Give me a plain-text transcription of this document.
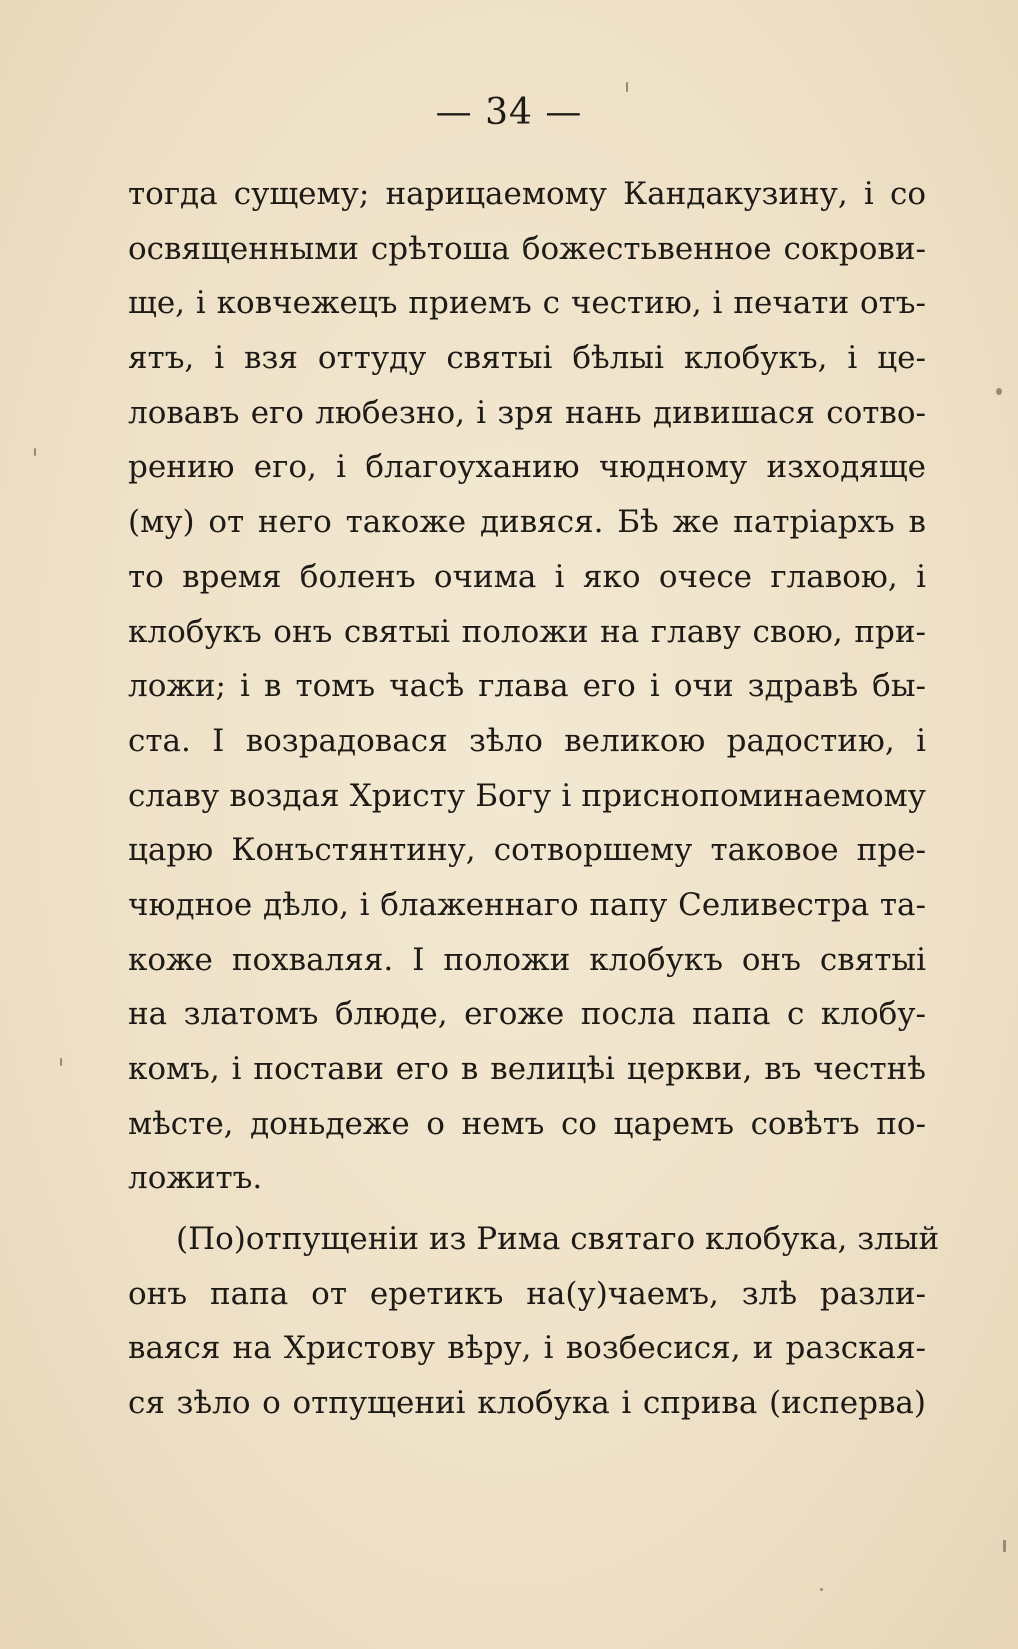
— 34 —
тогда сущему; нарицаемому Кандакузину, і со
освященными срѣтоша божестьвенное сокрови-
ще, і ковчежецъ приемъ с честию, і печати отъ-
ятъ, і взя оттуду святыі бѣлыі клобукъ, і це-
ловавъ его любезно, і зря нань дивишася сотво-
рению его, і благоуханию чюдному изходяще
(му) от него такоже дивяся. Бѣ же патріархъ в
то время боленъ очима і яко очесе главою, і
клобукъ онъ святыі положи на главу свою, при-
ложи; і в томъ часѣ глава его і очи здравѣ бы-
ста. І возрадовася зѣло великою радостию, і
славу воздая Христу Богу і приснопоминаемому
царю Конъстянтину, сотворшему таковое пре-
чюдное дѣло, і блаженнаго папу Селивестра та-
коже похваляя. І положи клобукъ онъ святыі
на златомъ блюде, егоже посла папа с клобу-
комъ, і постави его в велицѣі церкви, въ честнѣ
мѣсте, доньдеже о немъ со царемъ совѣтъ по-
ложитъ.
(По)отпущеніи из Рима святаго клобука, злый
онъ папа от еретикъ на(у)чаемъ, злѣ разли-
ваяся на Христову вѣру, і возбесися, и разская-
ся зѣло о отпущениі клобука і сприва (исперва)
